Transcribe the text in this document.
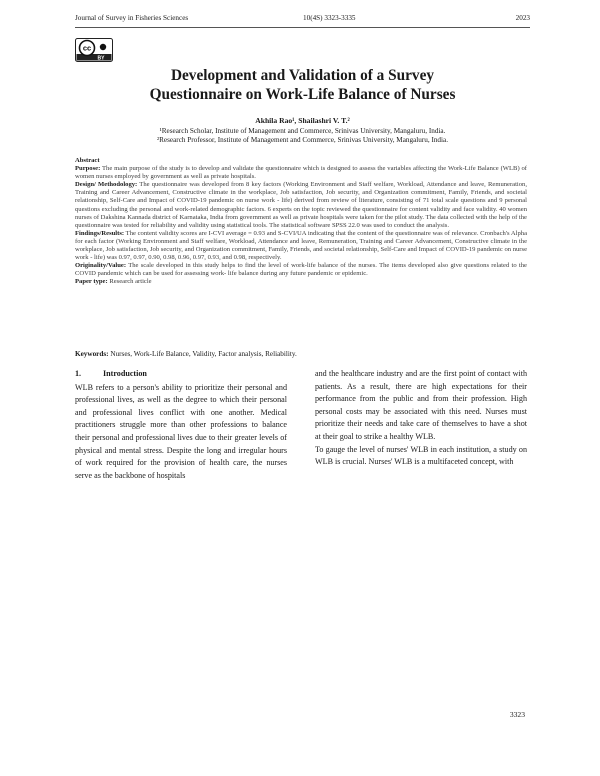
Journal of Survey in Fisheries Sciences	10(4S) 3323-3335	2023
cc
BY
Development and Validation of a Survey
Questionnaire on Work-Life Balance of Nurses
Akhila Rao¹, Shailashri V. T.²
¹Research Scholar, Institute of Management and Commerce, Srinivas University, Mangaluru, India.
²Research Professor, Institute of Management and Commerce, Srinivas University, Mangaluru, India.

Abstract

Purpose: The main purpose of the study is to develop and validate the questionnaire which is designed to assess the variables affecting the Work-Life Balance (WLB) of women nurses employed by government as well as private hospitals.

Design/ Methodology: The questionnaire was developed from 8 key factors (Working Environment and Staff welfare, Workload, Attendance and leave, Remuneration, Training and Career Advancement, Constructive climate in the workplace, Job satisfaction, Job security, and Organization commitment, Family, Friends, and societal relationship, Self-Care and Impact of COVID-19 pandemic on nurse work - life) derived from review of literature, consisting of 71 total scale questions and 9 personal questions excluding the personal and work-related demographic factors. 6 experts on the topic reviewed the questionnaire for content validity and face validity. 40 women nurses of Dakshina Kannada district of Karnataka, India from government as well as private hospitals were taken for the pilot study. The data collected with the help of the questionnaire was tested for reliability and validity using statistical tools. The statistical software SPSS 22.0 was used to conduct the analysis.

Findings/Results: The content validity scores are I-CVI average = 0.93 and S-CVI/UA indicating that the content of the questionnaire was of relevance. Cronbach's Alpha for each factor (Working Environment and Staff welfare, Workload, Attendance and leave, Remuneration, Training and Career Advancement, Constructive climate in the workplace, Job satisfaction, Job security, and Organization commitment, Family, Friends, and societal relationship, Self-Care and Impact of COVID-19 pandemic on nurse work - life) was 0.97, 0.97, 0.90, 0.98, 0.96, 0.97, 0.93, and 0.98, respectively.

Originality/Value: The scale developed in this study helps to find the level of work-life balance of the nurses. The items developed also give questions related to the COVID pandemic which can be used for assessing work- life balance during any future pandemic or epidemic.

Paper type: Research article

Keywords: Nurses, Work-Life Balance, Validity, Factor analysis, Reliability.

1.	Introduction

WLB refers to a person's ability to prioritize their personal and professional lives, as well as the degree to which their personal and professional lives conflict with one another. Medical practitioners struggle more than other professions to balance their personal and professional lives due to their greater levels of physical and mental stress. Despite the long and irregular hours of work required for the provision of health care, the nurses serve as the backbone of hospitals

and the healthcare industry and are the first point of contact with patients. As a result, there are high expectations for their performance from the public and from their profession. High personal costs may be associated with this need. Nurses must prioritize their needs and take care of themselves to have a shot at their goal to strike a healthy WLB.

To gauge the level of nurses' WLB in each institution, a study on WLB is crucial. Nurses' WLB is a multifaceted concept, with

3323
